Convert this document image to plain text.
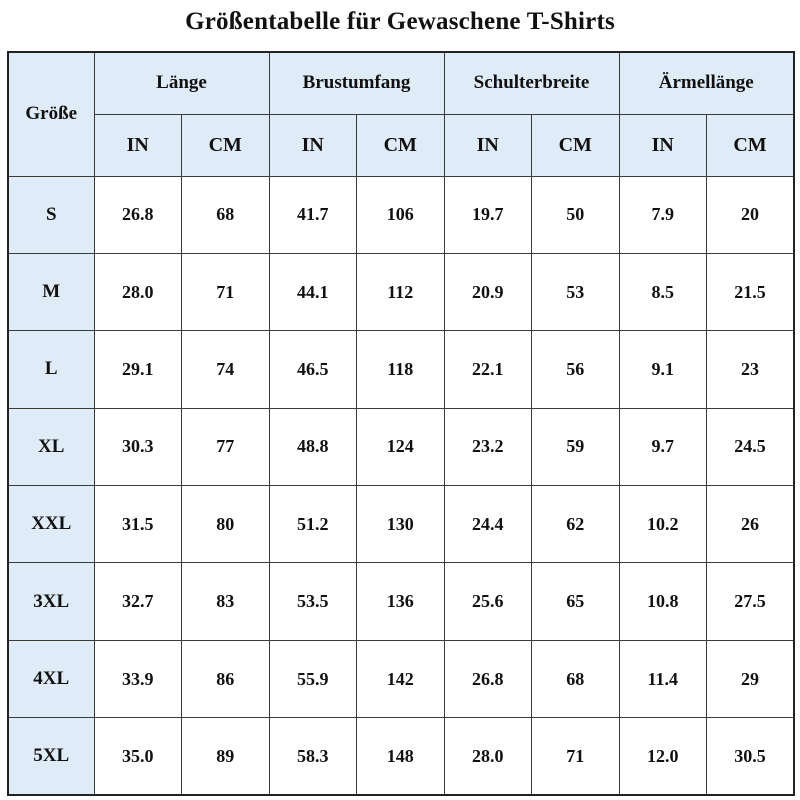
Größentabelle für Gewaschene T-Shirts
Größe	Länge		Brustumfang		Schulterbreite		Ärmellänge	
	IN	CM	IN	CM	IN	CM	IN	CM
S	26.8	68	41.7	106	19.7	50	7.9	20
M	28.0	71	44.1	112	20.9	53	8.5	21.5
L	29.1	74	46.5	118	22.1	56	9.1	23
XL	30.3	77	48.8	124	23.2	59	9.7	24.5
XXL	31.5	80	51.2	130	24.4	62	10.2	26
3XL	32.7	83	53.5	136	25.6	65	10.8	27.5
4XL	33.9	86	55.9	142	26.8	68	11.4	29
5XL	35.0	89	58.3	148	28.0	71	12.0	30.5
